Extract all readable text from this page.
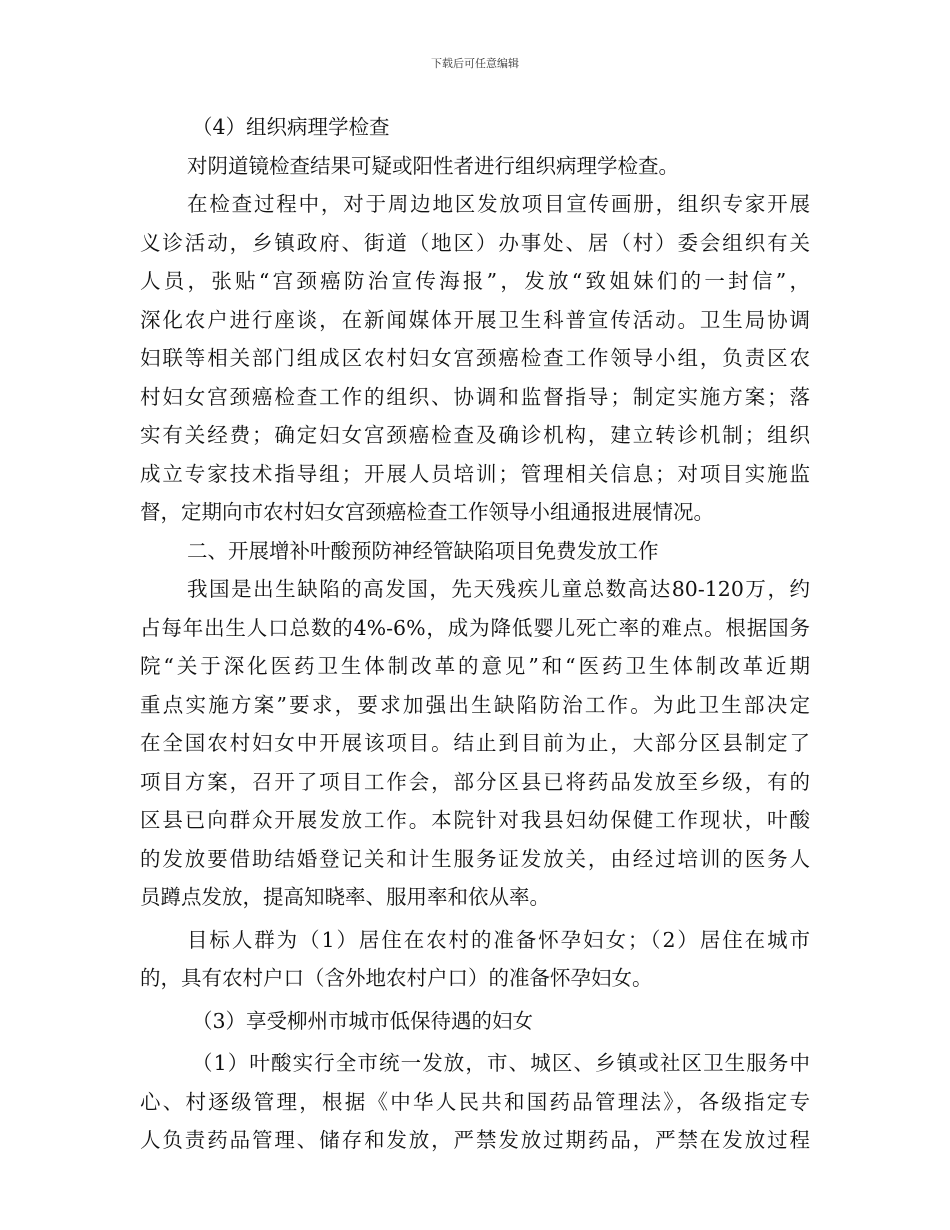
下载后可任意编辑
（4）组织病理学检查
对阴道镜检查结果可疑或阳性者进行组织病理学检查。
在检查过程中，对于周边地区发放项目宣传画册，组织专家开展
义诊活动，乡镇政府、街道（地区）办事处、居（村）委会组织有关
人员，张贴“宫颈癌防治宣传海报”，发放“致姐妹们的一封信”，
深化农户进行座谈，在新闻媒体开展卫生科普宣传活动。卫生局协调
妇联等相关部门组成区农村妇女宫颈癌检查工作领导小组，负责区农
村妇女宫颈癌检查工作的组织、协调和监督指导；制定实施方案；落
实有关经费；确定妇女宫颈癌检查及确诊机构，建立转诊机制；组织
成立专家技术指导组；开展人员培训；管理相关信息；对项目实施监
督，定期向市农村妇女宫颈癌检查工作领导小组通报进展情况。
二、开展增补叶酸预防神经管缺陷项目免费发放工作
我国是出生缺陷的高发国，先天残疾儿童总数高达80-120万，约
占每年出生人口总数的4%-6%，成为降低婴儿死亡率的难点。根据国务
院“关于深化医药卫生体制改革的意见”和“医药卫生体制改革近期
重点实施方案”要求，要求加强出生缺陷防治工作。为此卫生部决定
在全国农村妇女中开展该项目。结止到目前为止，大部分区县制定了
项目方案，召开了项目工作会，部分区县已将药品发放至乡级，有的
区县已向群众开展发放工作。本院针对我县妇幼保健工作现状，叶酸
的发放要借助结婚登记关和计生服务证发放关，由经过培训的医务人
员蹲点发放，提高知晓率、服用率和依从率。
目标人群为（1）居住在农村的准备怀孕妇女；（2）居住在城市
的，具有农村户口（含外地农村户口）的准备怀孕妇女。
（3）享受柳州市城市低保待遇的妇女
（1）叶酸实行全市统一发放，市、城区、乡镇或社区卫生服务中
心、村逐级管理，根据《中华人民共和国药品管理法》，各级指定专
人负责药品管理、储存和发放，严禁发放过期药品，严禁在发放过程
